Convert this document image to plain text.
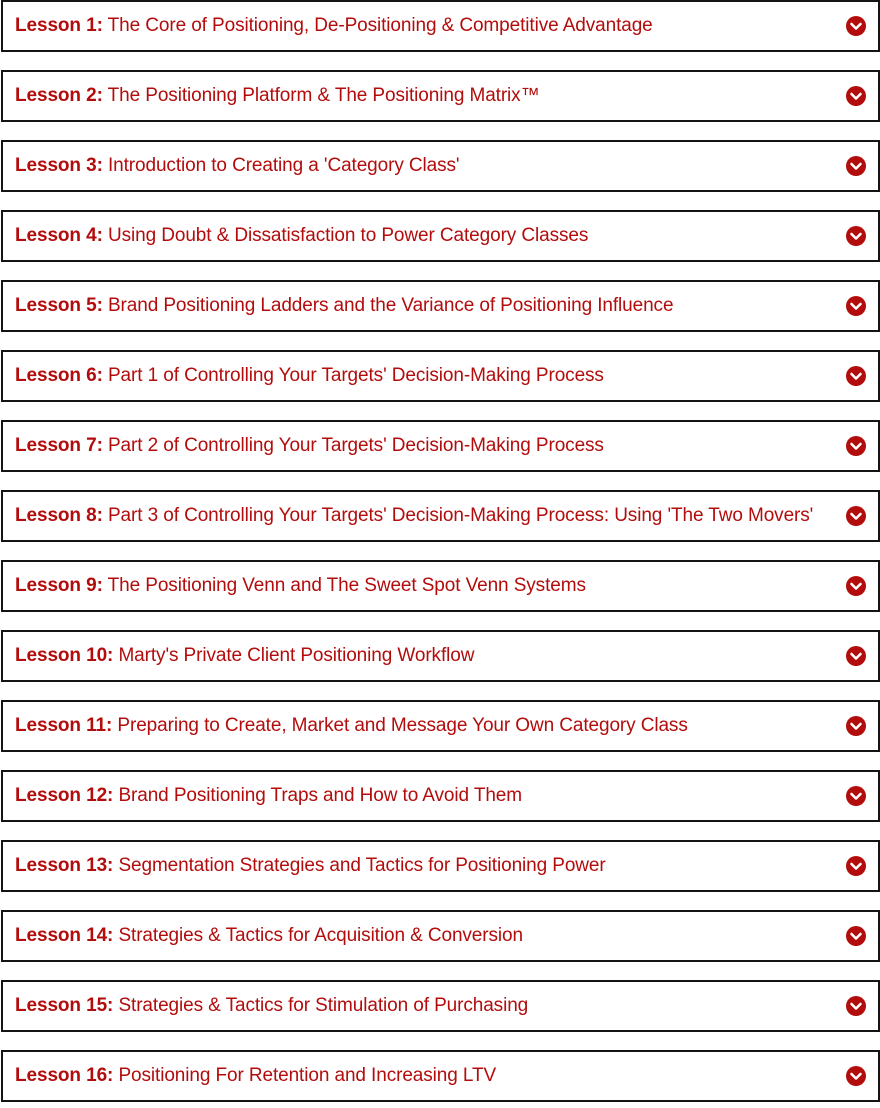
Lesson 1: The Core of Positioning, De-Positioning & Competitive Advantage
Lesson 2: The Positioning Platform & The Positioning Matrix™
Lesson 3: Introduction to Creating a 'Category Class'
Lesson 4: Using Doubt & Dissatisfaction to Power Category Classes
Lesson 5: Brand Positioning Ladders and the Variance of Positioning Influence
Lesson 6: Part 1 of Controlling Your Targets' Decision-Making Process
Lesson 7: Part 2 of Controlling Your Targets' Decision-Making Process
Lesson 8: Part 3 of Controlling Your Targets' Decision-Making Process: Using 'The Two Movers'
Lesson 9: The Positioning Venn and The Sweet Spot Venn Systems
Lesson 10: Marty's Private Client Positioning Workflow
Lesson 11: Preparing to Create, Market and Message Your Own Category Class
Lesson 12: Brand Positioning Traps and How to Avoid Them
Lesson 13: Segmentation Strategies and Tactics for Positioning Power
Lesson 14: Strategies & Tactics for Acquisition & Conversion
Lesson 15: Strategies & Tactics for Stimulation of Purchasing
Lesson 16: Positioning For Retention and Increasing LTV
